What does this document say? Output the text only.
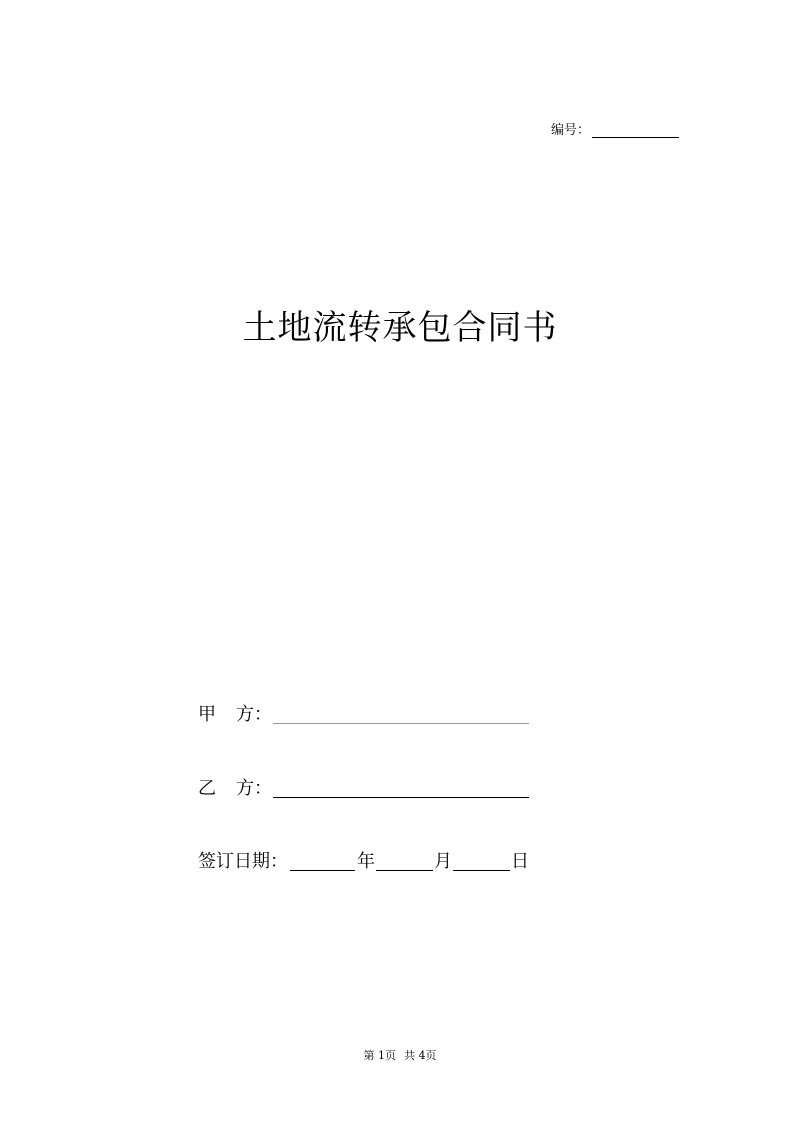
编号：
土地流转承包合同书
甲 方：
乙 方：
签订日期：	年	月	日
第 1页 共 4页
